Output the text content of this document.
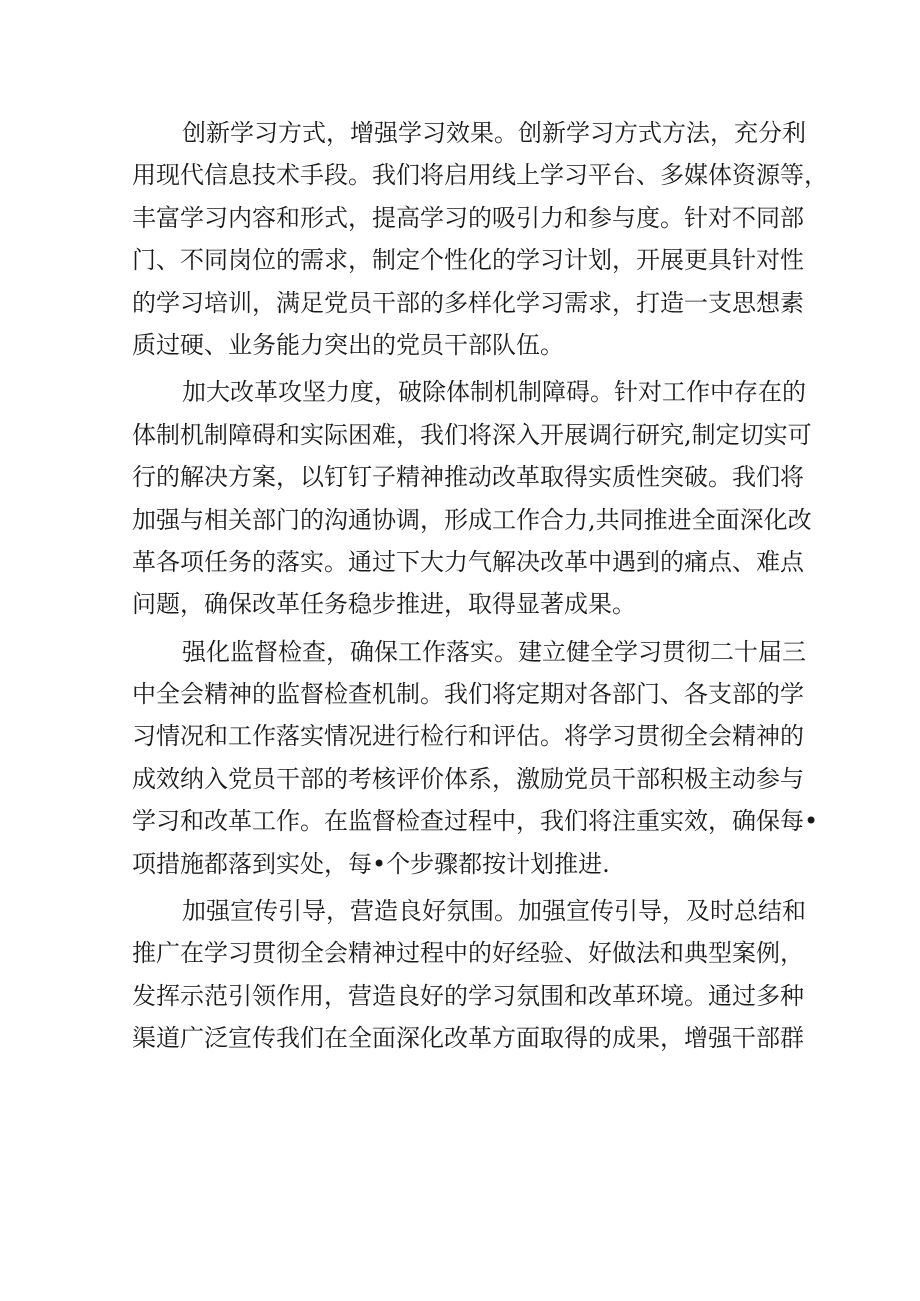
创新学习方式，增强学习效果。创新学习方式方法，充分利
用现代信息技术手段。我们将启用线上学习平台、多媒体资源等，
丰富学习内容和形式，提高学习的吸引力和参与度。针对不同部
门、不同岗位的需求，制定个性化的学习计划，开展更具针对性
的学习培训，满足党员干部的多样化学习需求，打造一支思想素
质过硬、业务能力突出的党员干部队伍。
加大改革攻坚力度，破除体制机制障碍。针对工作中存在的
体制机制障碍和实际困难，我们将深入开展调行研究,制定切实可
行的解决方案，以钉钉子精神推动改革取得实质性突破。我们将
加强与相关部门的沟通协调，形成工作合力,共同推进全面深化改
革各项任务的落实。通过下大力气解决改革中遇到的痛点、难点
问题，确保改革任务稳步推进，取得显著成果。
强化监督检查，确保工作落实。建立健全学习贯彻二十届三
中全会精神的监督检查机制。我们将定期对各部门、各支部的学
习情况和工作落实情况进行检行和评估。将学习贯彻全会精神的
成效纳入党员干部的考核评价体系，激励党员干部积极主动参与
学习和改革工作。在监督检查过程中，我们将注重实效，确保每•
项措施都落到实处，每•个步骤都按计划推进.
加强宣传引导，营造良好氛围。加强宣传引导，及时总结和
推广在学习贯彻全会精神过程中的好经验、好做法和典型案例，
发挥示范引领作用，营造良好的学习氛围和改革环境。通过多种
渠道广泛宣传我们在全面深化改革方面取得的成果，增强干部群
